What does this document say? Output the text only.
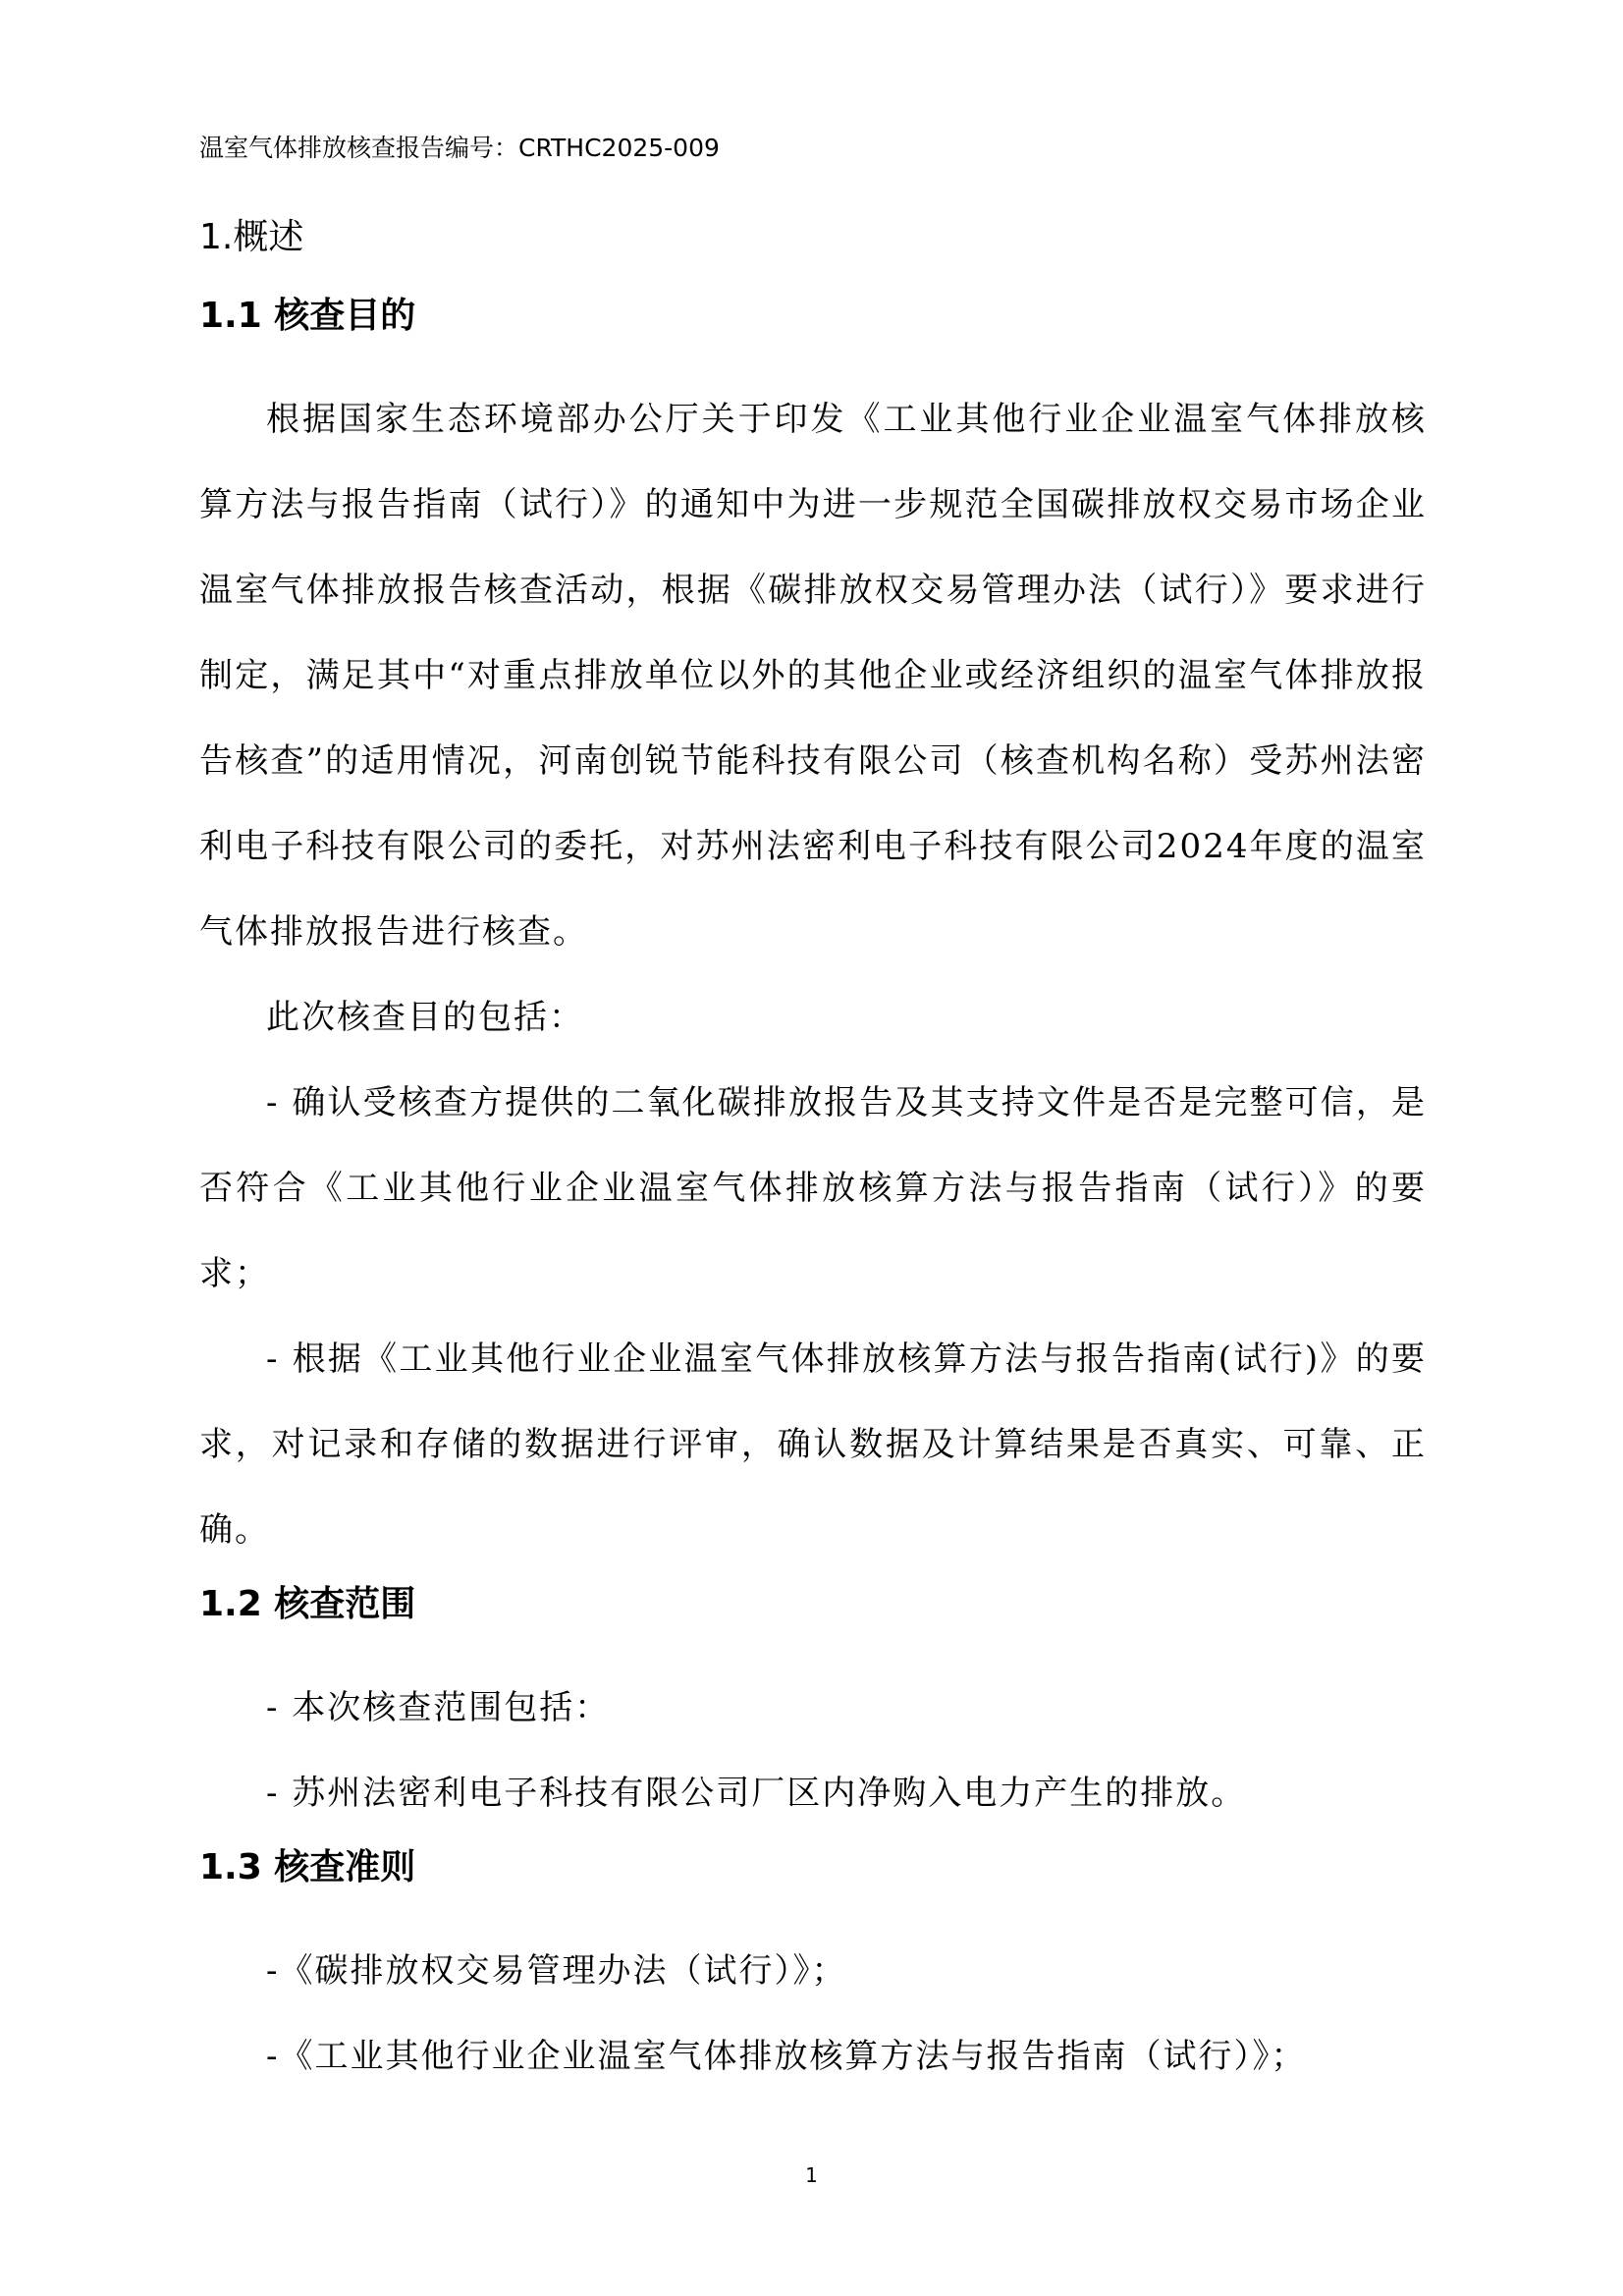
温室气体排放核查报告编号：CRTHC2025-009
1.概述
1.1 核查目的

根据国家生态环境部办公厅关于印发《工业其他行业企业温室气体排放核算方法与报告指南（试行）》的通知中为进一步规范全国碳排放权交易市场企业温室气体排放报告核查活动，根据《碳排放权交易管理办法（试行）》要求进行制定，满足其中“对重点排放单位以外的其他企业或经济组织的温室气体排放报告核查”的适用情况，河南创锐节能科技有限公司（核查机构名称）受苏州法密利电子科技有限公司的委托，对苏州法密利电子科技有限公司2024年度的温室气体排放报告进行核查。

此次核查目的包括：

- 确认受核查方提供的二氧化碳排放报告及其支持文件是否是完整可信，是否符合《工业其他行业企业温室气体排放核算方法与报告指南（试行）》的要求；

- 根据《工业其他行业企业温室气体排放核算方法与报告指南(试行)》的要求，对记录和存储的数据进行评审，确认数据及计算结果是否真实、可靠、正确。

1.2 核查范围

- 本次核查范围包括：

- 苏州法密利电子科技有限公司厂区内净购入电力产生的排放。

1.3 核查准则

-《碳排放权交易管理办法（试行）》；

-《工业其他行业企业温室气体排放核算方法与报告指南（试行）》；

1
